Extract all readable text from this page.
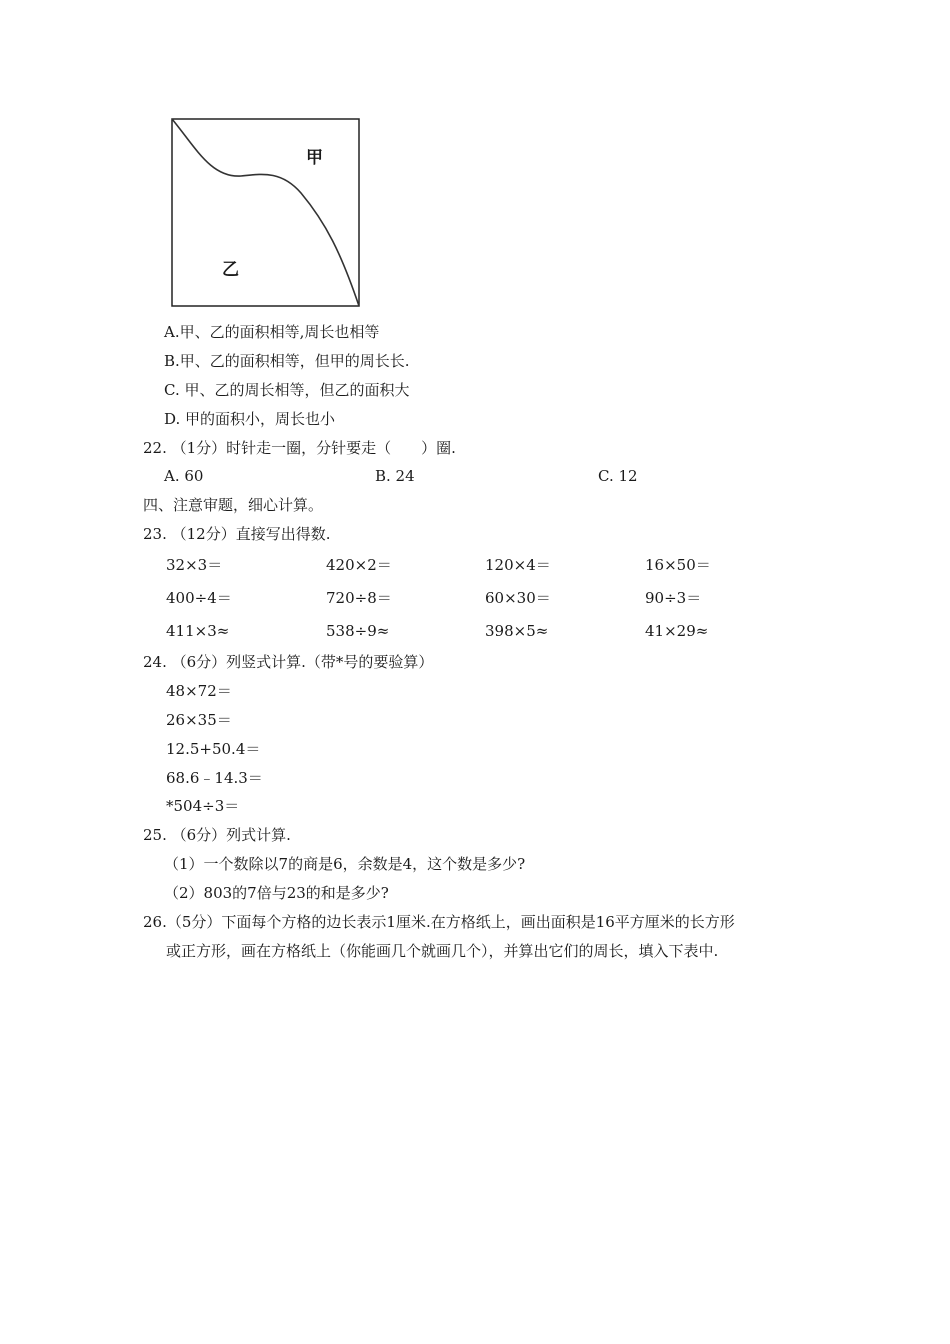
甲
乙
A.甲、乙的面积相等,周长也相等
B.甲、乙的面积相等，但甲的周长长.
C. 甲、乙的周长相等，但乙的面积大
D. 甲的面积小，周长也小
22. （1分）时针走一圈，分针要走（　　）圈.
A. 60	B. 24	C. 12
四、注意审题，细心计算。
23. （12分）直接写出得数.
32×3＝	420×2＝	120×4＝	16×50＝
400÷4＝	720÷8＝	60×30＝	90÷3＝
411×3≈	538÷9≈	398×5≈	41×29≈
24. （6分）列竖式计算.（带*号的要验算）
48×72＝
26×35＝
12.5+50.4＝
68.6﹣14.3＝
*504÷3＝
25. （6分）列式计算.
（1）一个数除以7的商是6，余数是4，这个数是多少?
（2）803的7倍与23的和是多少?
26.（5分）下面每个方格的边长表示1厘米.在方格纸上，画出面积是16平方厘米的长方形
或正方形，画在方格纸上（你能画几个就画几个），并算出它们的周长，填入下表中.
